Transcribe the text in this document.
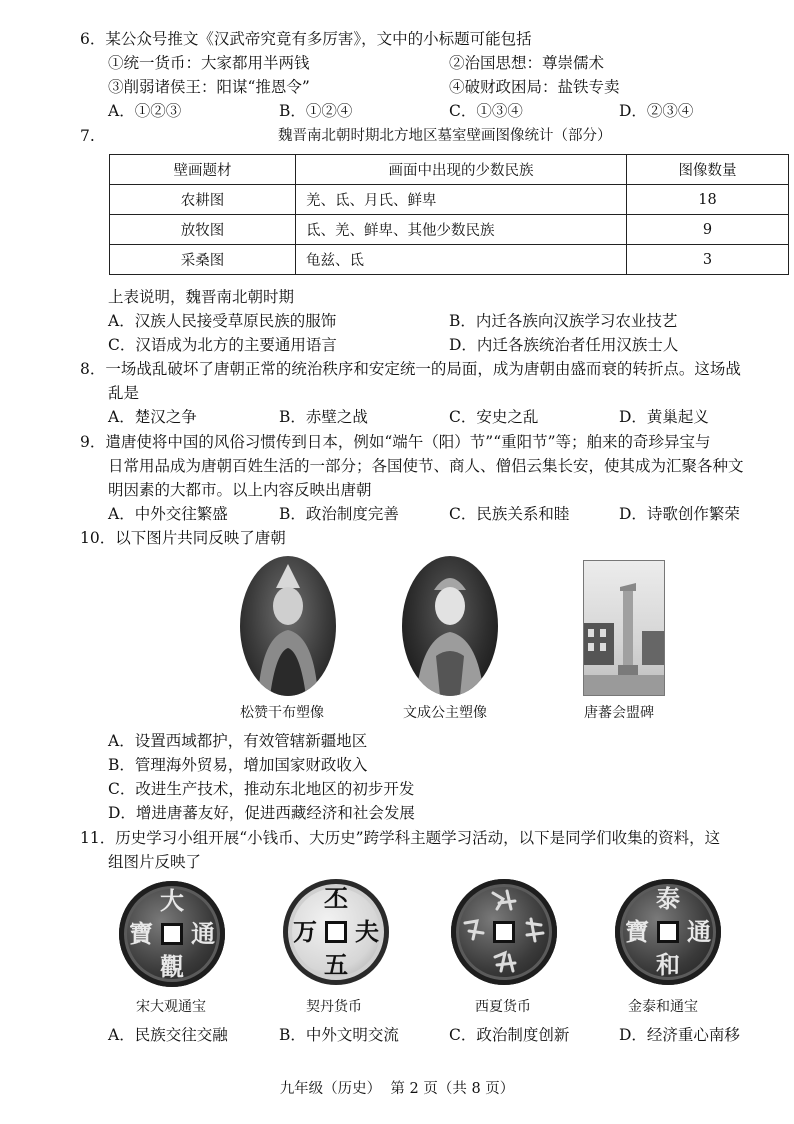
6．某公众号推文《汉武帝究竟有多厉害》，文中的小标题可能包括
①统一货币：大家都用半两钱	②治国思想：尊崇儒术
③削弱诸侯王：阳谋“推恩令”	④破财政困局：盐铁专卖
A．①②③	B．①②④	C．①③④	D．②③④
7.	魏晋南北朝时期北方地区墓室壁画图像统计（部分）
壁画题材	画面中出现的少数民族	图像数量
农耕图	羌、氐、月氏、鲜卑	18
放牧图	氐、羌、鲜卑、其他少数民族	9
采桑图	龟兹、氐	3
上表说明，魏晋南北朝时期
A．汉族人民接受草原民族的服饰	B．内迁各族向汉族学习农业技艺
C．汉语成为北方的主要通用语言	D．内迁各族统治者任用汉族士人
8．一场战乱破坏了唐朝正常的统治秩序和安定统一的局面，成为唐朝由盛而衰的转折点。这场战
乱是
A．楚汉之争	B．赤壁之战	C．安史之乱	D．黄巢起义
9．遣唐使将中国的风俗习惯传到日本，例如“端午（阳）节”“重阳节”等；舶来的奇珍异宝与
日常用品成为唐朝百姓生活的一部分；各国使节、商人、僧侣云集长安，使其成为汇聚各种文
明因素的大都市。以上内容反映出唐朝
A．中外交往繁盛	B．政治制度完善	C．民族关系和睦	D．诗歌创作繁荣
10．以下图片共同反映了唐朝
松赞干布塑像	文成公主塑像	唐蕃会盟碑
A．设置西域都护，有效管辖新疆地区
B．管理海外贸易，增加国家财政收入
C．改进生产技术，推动东北地区的初步开发
D．增进唐蕃友好，促进西藏经济和社会发展
11．历史学习小组开展“小钱币、大历史”跨学科主题学习活动，以下是同学们收集的资料，这
组图片反映了
大
觀
寶 通
宋大观通宝
丕
五
万 夫
契丹货币	西夏货币
泰
和
寶 通
金泰和通宝
A．民族交往交融	B．中外文明交流	C．政治制度创新	D．经济重心南移
九年级（历史）  第 2 页（共 8 页）
